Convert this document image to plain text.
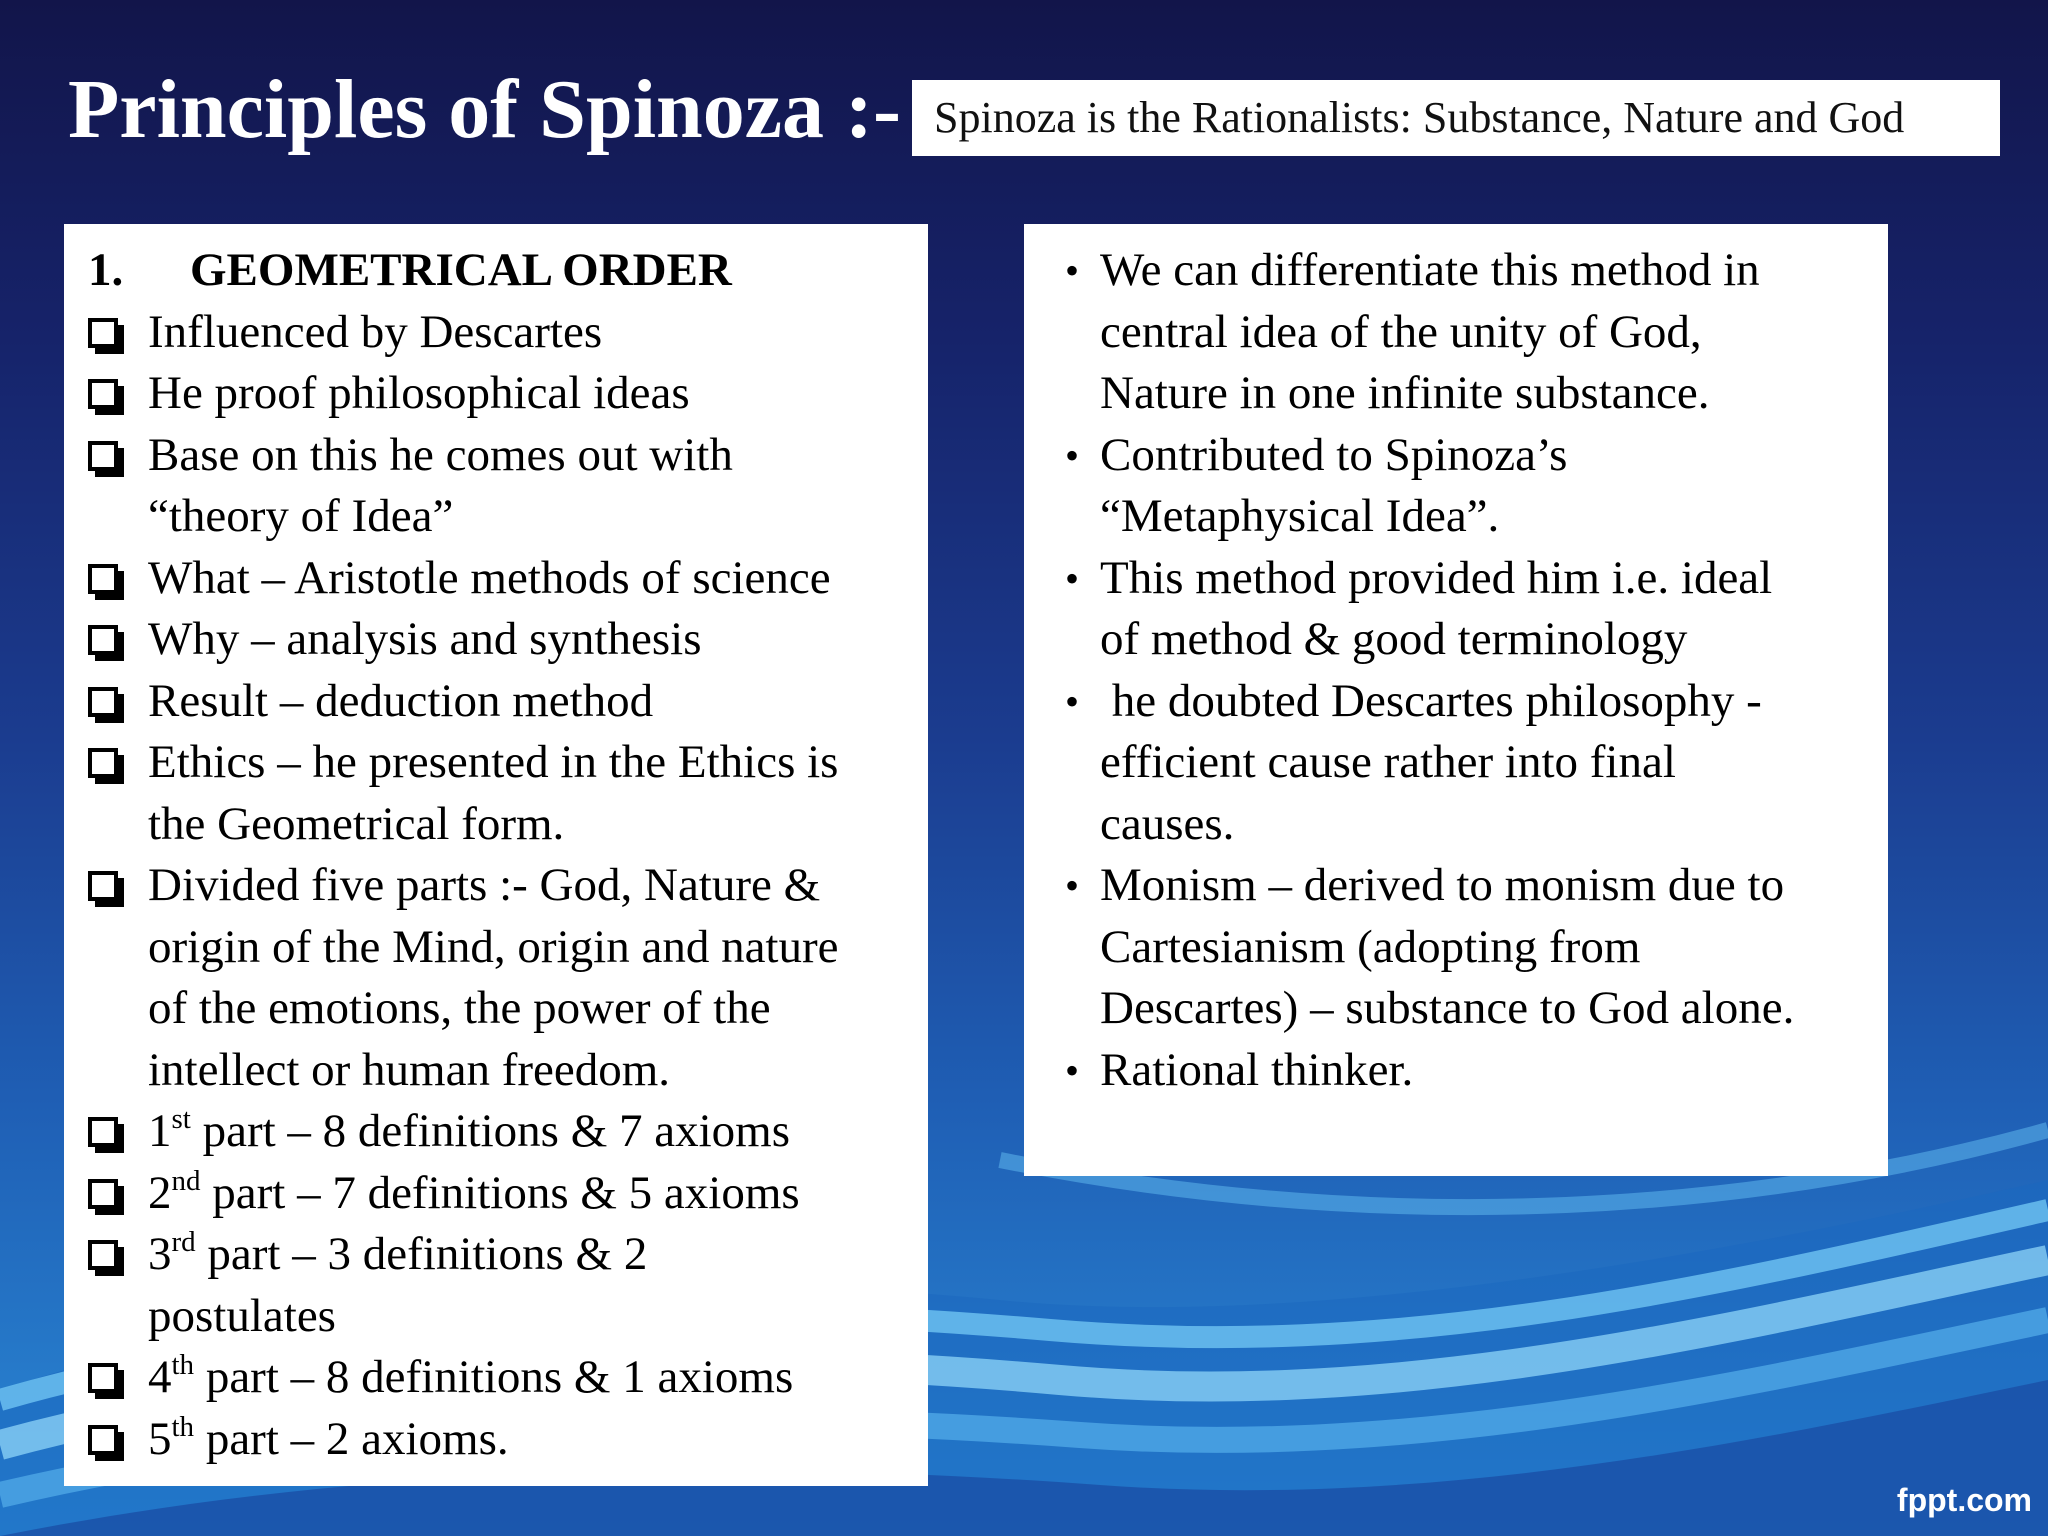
Principles of Spinoza :- Spinoza is the Rationalists: Substance, Nature and God
1.	GEOMETRICAL ORDER
Influenced by Descartes
He proof philosophical ideas
Base on this he comes out with
“theory of Idea”
What – Aristotle methods of science
Why – analysis and synthesis
Result – deduction method
Ethics – he presented in the Ethics is
the Geometrical form.
Divided five parts :- God, Nature &
origin of the Mind, origin and nature
of the emotions, the power of the
intellect or human freedom.
1st part – 8 definitions & 7 axioms
2nd part – 7 definitions & 5 axioms
3rd part – 3 definitions & 2
postulates
4th part – 8 definitions & 1 axioms
5th part – 2 axioms.
• We can differentiate this method in
central idea of the unity of God,
Nature in one infinite substance.
• Contributed to Spinoza’s
“Metaphysical Idea”.
• This method provided him i.e. ideal
of method & good terminology
• he doubted Descartes philosophy -
efficient cause rather into final
causes.
• Monism – derived to monism due to
Cartesianism (adopting from
Descartes) – substance to God alone.
• Rational thinker.
fppt.com
